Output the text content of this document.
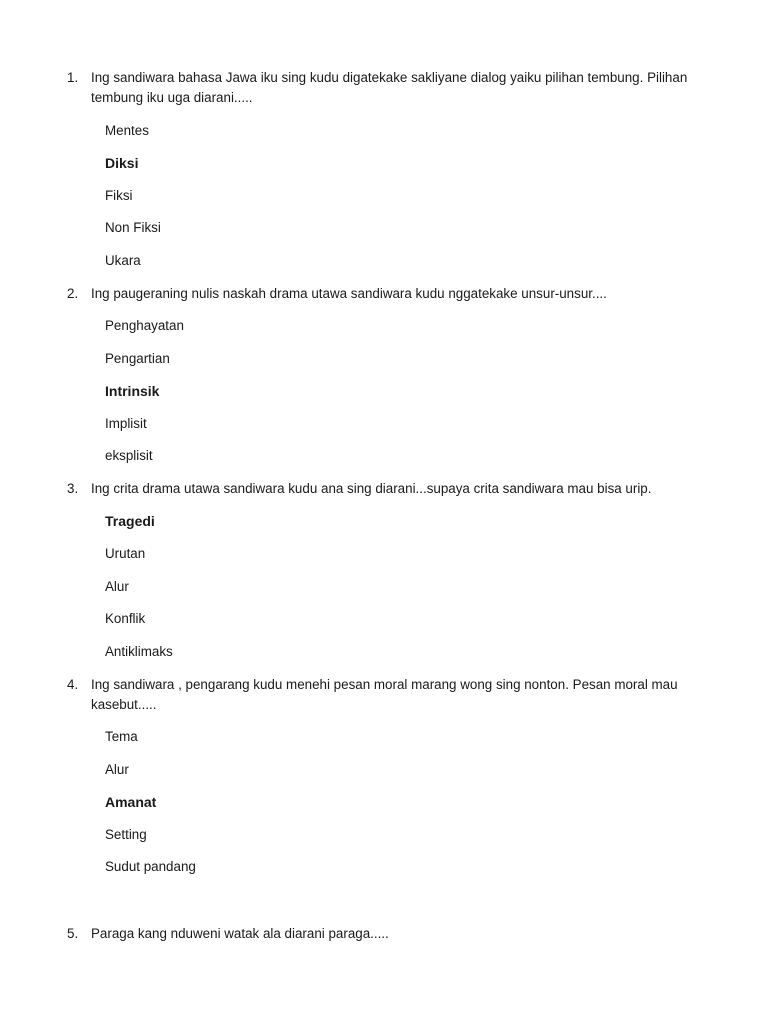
1. Ing sandiwara bahasa Jawa iku sing kudu digatekake sakliyane dialog yaiku pilihan tembung. Pilihan tembung iku uga diarani.....
Mentes
Diksi
Fiksi
Non Fiksi
Ukara
2. Ing paugeraning nulis naskah drama utawa sandiwara kudu nggatekake unsur-unsur....
Penghayatan
Pengartian
Intrinsik
Implisit
eksplisit
3. Ing crita drama utawa sandiwara kudu ana sing diarani...supaya crita sandiwara mau bisa urip.
Tragedi
Urutan
Alur
Konflik
Antiklimaks
4. Ing sandiwara , pengarang kudu menehi pesan moral marang wong sing nonton. Pesan moral mau kasebut.....
Tema
Alur
Amanat
Setting
Sudut pandang
5. Paraga kang nduweni watak ala diarani paraga.....
